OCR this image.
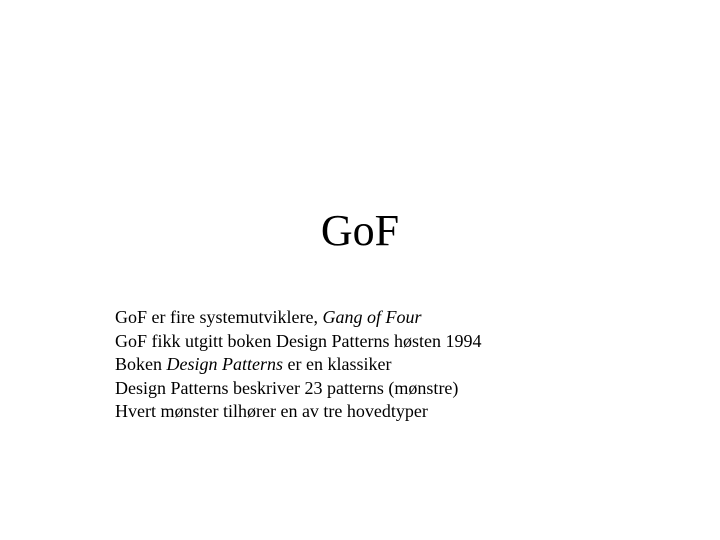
GoF
GoF er fire systemutviklere, Gang of Four
GoF fikk utgitt boken Design Patterns høsten 1994
Boken Design Patterns er en klassiker
Design Patterns beskriver 23 patterns (mønstre)
Hvert mønster tilhører en av tre hovedtyper
